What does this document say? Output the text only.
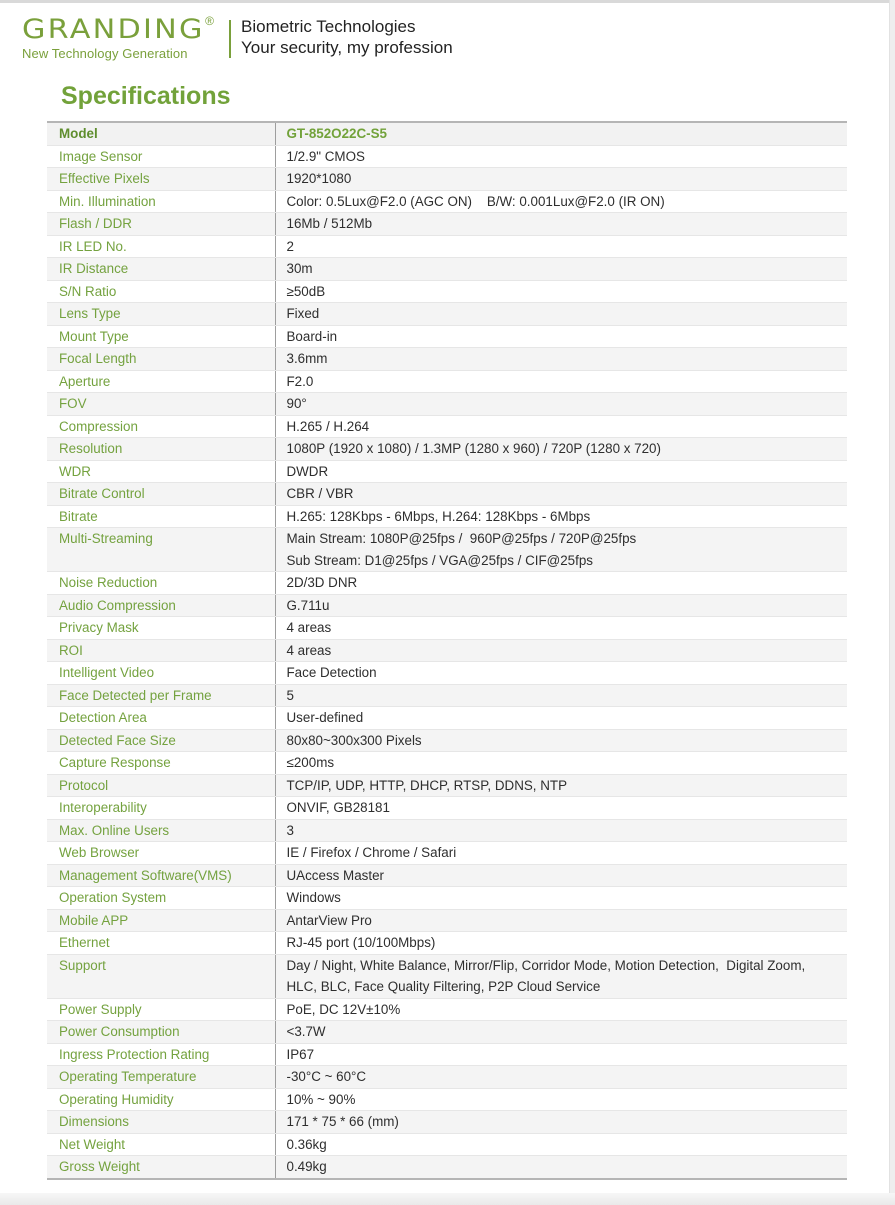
GRANDING®
New Technology Generation
Biometric Technologies
Your security, my profession
Specifications
Model	GT-852O22C-S5
Image Sensor	1/2.9" CMOS
Effective Pixels	1920*1080
Min. Illumination	Color: 0.5Lux@F2.0 (AGC ON)    B/W: 0.001Lux@F2.0 (IR ON)
Flash / DDR	16Mb / 512Mb
IR LED No.	2
IR Distance	30m
S/N Ratio	≥50dB
Lens Type	Fixed
Mount Type	Board-in
Focal Length	3.6mm
Aperture	F2.0
FOV	90°
Compression	H.265 / H.264
Resolution	1080P (1920 x 1080) / 1.3MP (1280 x 960) / 720P (1280 x 720)
WDR	DWDR
Bitrate Control	CBR / VBR
Bitrate	H.265: 128Kbps - 6Mbps, H.264: 128Kbps - 6Mbps
Multi-Streaming	Main Stream: 1080P@25fps /  960P@25fps / 720P@25fps
Sub Stream: D1@25fps / VGA@25fps / CIF@25fps

Noise Reduction	2D/3D DNR
Audio Compression	G.711u
Privacy Mask	4 areas
ROI	4 areas
Intelligent Video	Face Detection
Face Detected per Frame	5
Detection Area	User-defined
Detected Face Size	80x80~300x300 Pixels
Capture Response	≤200ms
Protocol	TCP/IP, UDP, HTTP, DHCP, RTSP, DDNS, NTP
Interoperability	ONVIF, GB28181
Max. Online Users	3
Web Browser	IE / Firefox / Chrome / Safari
Management Software(VMS)	UAccess Master
Operation System	Windows
Mobile APP	AntarView Pro
Ethernet	RJ-45 port (10/100Mbps)
Support	Day / Night, White Balance, Mirror/Flip, Corridor Mode, Motion Detection,  Digital Zoom,
HLC, BLC, Face Quality Filtering, P2P Cloud Service

Power Supply	PoE, DC 12V±10%
Power Consumption	<3.7W
Ingress Protection Rating	IP67
Operating Temperature	-30°C ~ 60°C
Operating Humidity	10% ~ 90%
Dimensions	171 * 75 * 66 (mm)
Net Weight	0.36kg
Gross Weight	0.49kg
